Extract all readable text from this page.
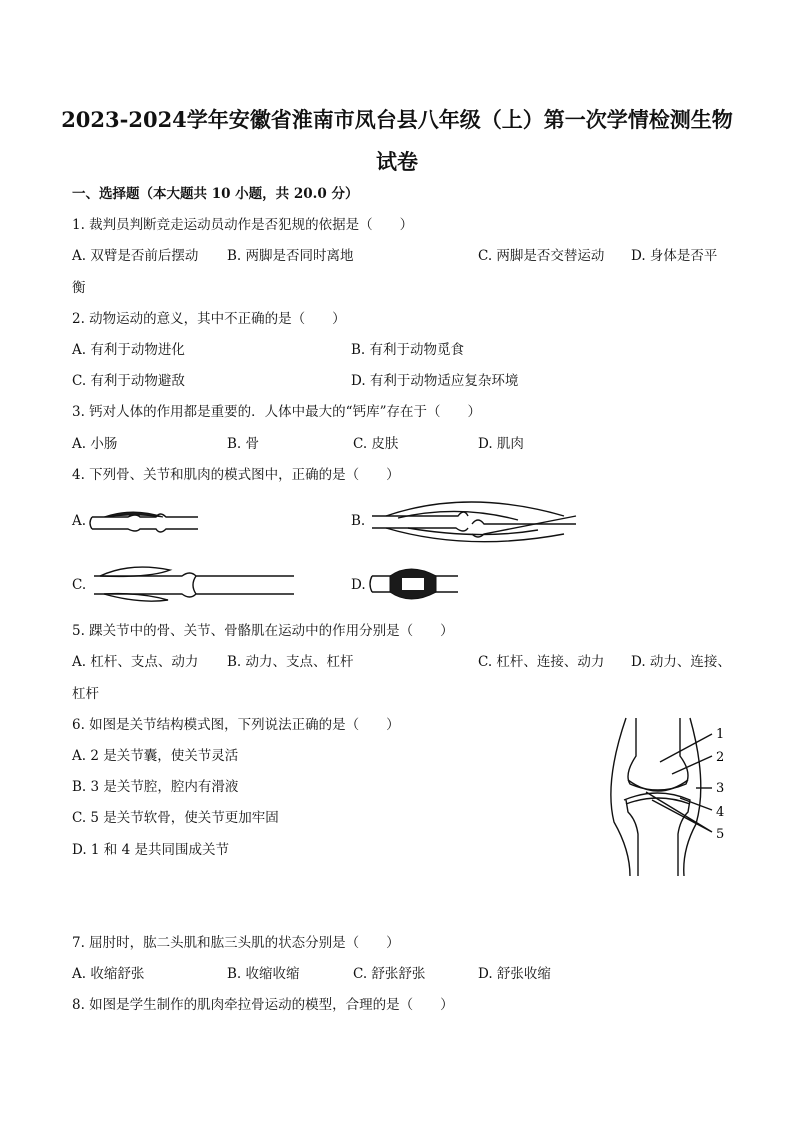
2023-2024学年安徽省淮南市凤台县八年级（上）第一次学情检测生物
试卷
一、选择题（本大题共 10 小题，共 20.0 分）
1. 裁判员判断竞走运动员动作是否犯规的依据是（　　）
A. 双臂是否前后摆动 B. 两脚是否同时离地	C. 两脚是否交替运动 D. 身体是否平
衡
2. 动物运动的意义，其中不正确的是（　　）
A. 有利于动物进化	B. 有利于动物觅食
C. 有利于动物避敌	D. 有利于动物适应复杂环境
3. 钙对人体的作用都是重要的．人体中最大的“钙库”存在于（　　）
A. 小肠	B. 骨	C. 皮肤	D. 肌肉
4. 下列骨、关节和肌肉的模式图中，正确的是（　　）
A.	B.
C.	D.
5. 踝关节中的骨、关节、骨骼肌在运动中的作用分别是（　　）
A. 杠杆、支点、动力 B. 动力、支点、杠杆	C. 杠杆、连接、动力 D. 动力、连接、
杠杆
6. 如图是关节结构模式图，下列说法正确的是（　　）
A. 2 是关节囊，使关节灵活
B. 3 是关节腔，腔内有滑液
C. 5 是关节软骨，使关节更加牢固
D. 1 和 4 是共同围成关节
1
2
3
4
5
7. 屈肘时，肱二头肌和肱三头肌的状态分别是（　　）
A. 收缩舒张	B. 收缩收缩	C. 舒张舒张	D. 舒张收缩
8. 如图是学生制作的肌肉牵拉骨运动的模型，合理的是（　　）
